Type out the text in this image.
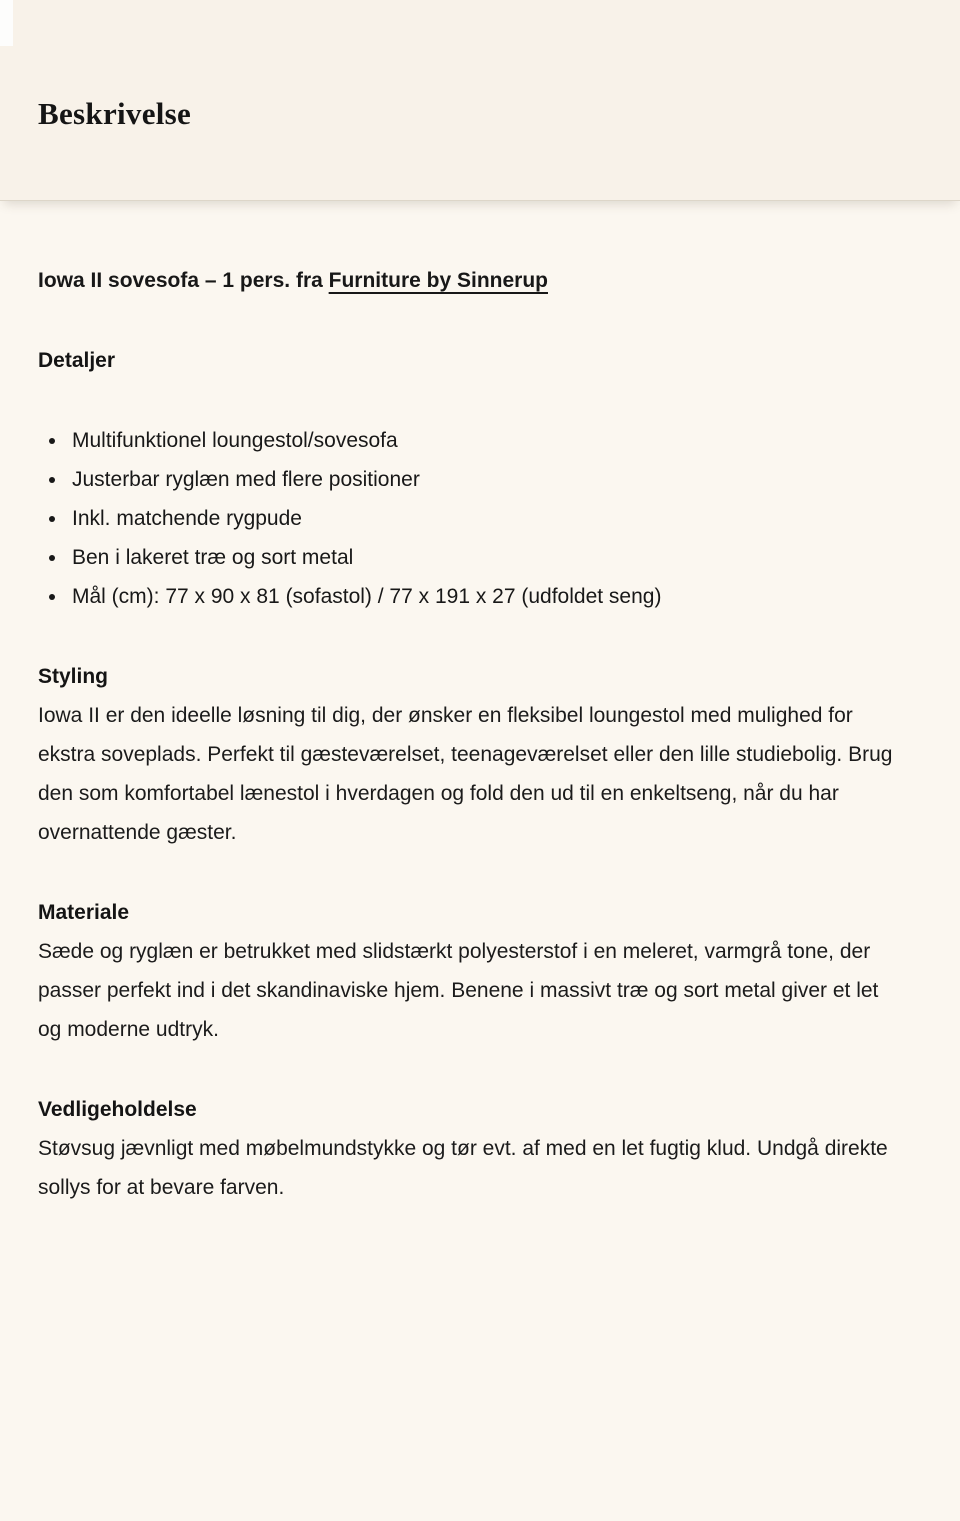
Beskrivelse
Iowa II sovesofa – 1 pers. fra Furniture by Sinnerup
Detaljer
• Multifunktionel loungestol/sovesofa
• Justerbar ryglæn med flere positioner
• Inkl. matchende rygpude
• Ben i lakeret træ og sort metal
• Mål (cm): 77 x 90 x 81 (sofastol) / 77 x 191 x 27 (udfoldet seng)
Styling

Iowa II er den ideelle løsning til dig, der ønsker en fleksibel loungestol med mulighed for ekstra soveplads. Perfekt til gæsteværelset, teenageværelset eller den lille studiebolig. Brug den som komfortabel lænestol i hverdagen og fold den ud til en enkeltseng, når du har overnattende gæster.

Materiale

Sæde og ryglæn er betrukket med slidstærkt polyesterstof i en meleret, varmgrå tone, der passer perfekt ind i det skandinaviske hjem. Benene i massivt træ og sort metal giver et let og moderne udtryk.

Vedligeholdelse

Støvsug jævnligt med møbelmundstykke og tør evt. af med en let fugtig klud. Undgå direkte sollys for at bevare farven.
